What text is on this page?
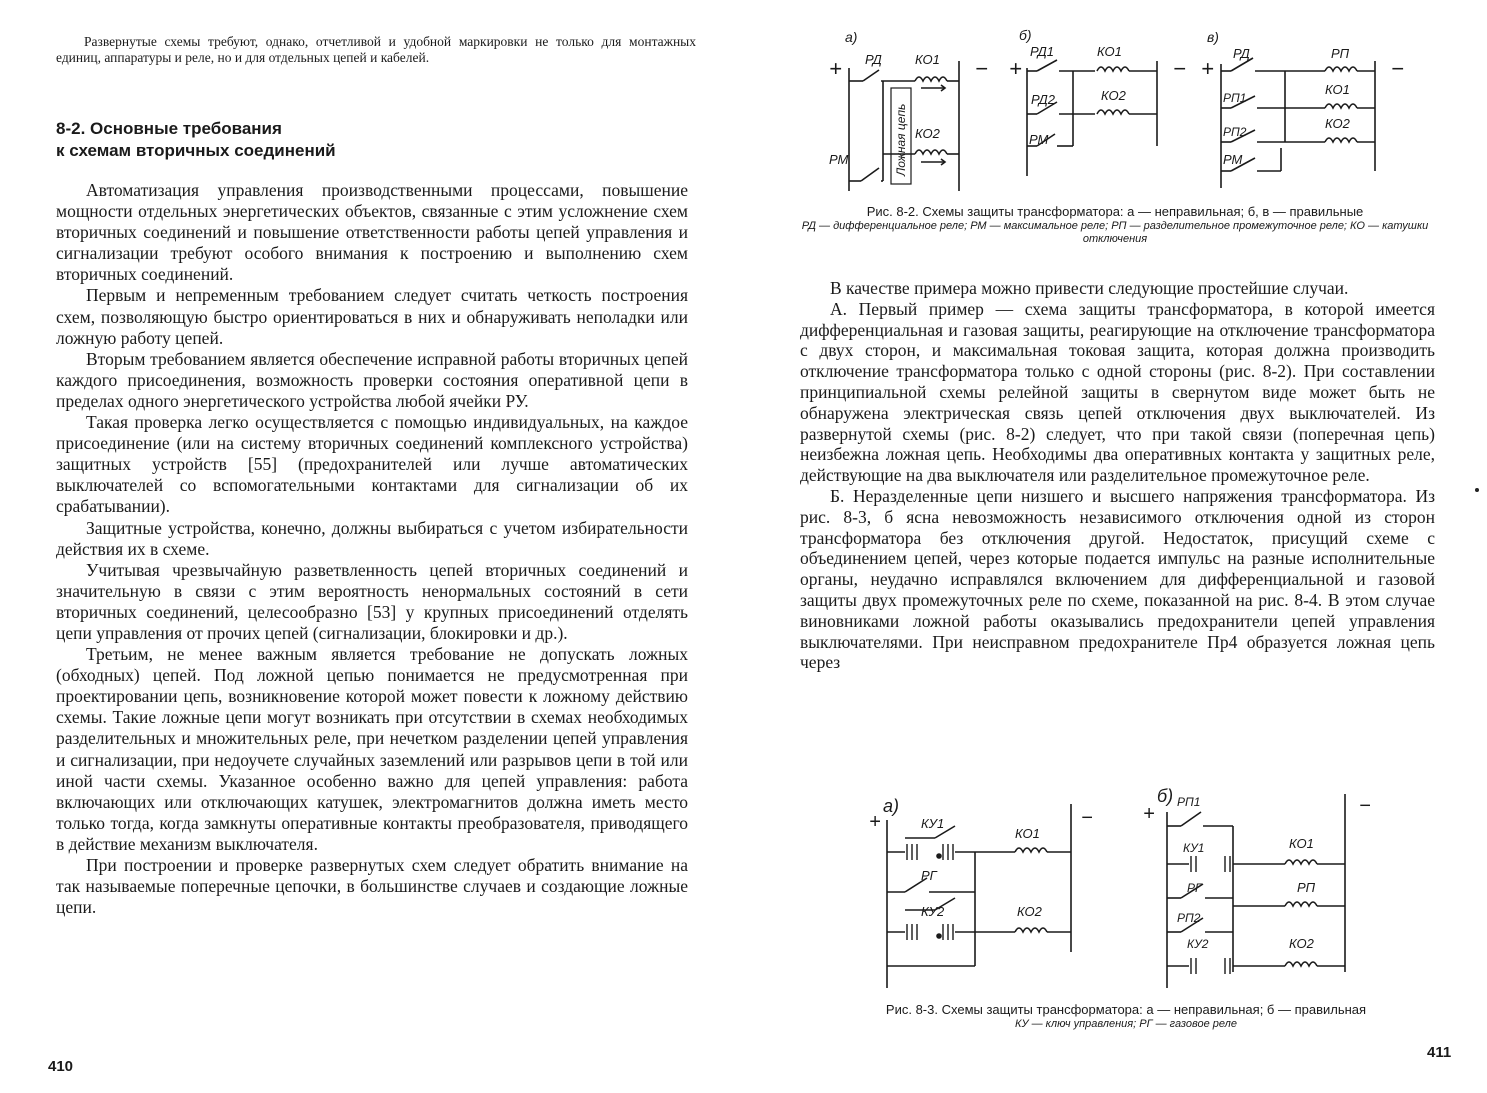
Развернутые схемы требуют, однако, отчетливой и удобной маркировки не только для монтажных единиц, аппаратуры и реле, но и для отдельных цепей и кабелей.

8-2. Основные требования
к схемам вторичных соединений

Автоматизация управления производственными процессами, повышение мощности отдельных энергетических объектов, связанные с этим усложнение схем вторичных соединений и повышение ответственности работы цепей управления и сигнализации требуют особого внимания к построению и выполнению схем вторичных соединений.

Первым и непременным требованием следует считать четкость построения схем, позволяющую быстро ориентироваться в них и обнаруживать неполадки или ложную работу цепей.

Вторым требованием является обеспечение исправной работы вторичных цепей каждого присоединения, возможность проверки состояния оперативной цепи в пределах одного энергетического устройства любой ячейки РУ.

Такая проверка легко осуществляется с помощью индивидуальных, на каждое присоединение (или на систему вторичных соединений комплексного устройства) защитных устройств [55] (предохранителей или лучше автоматических выключателей со вспомогательными контактами для сигнализации об их срабатывании).

Защитные устройства, конечно, должны выбираться с учетом избирательности действия их в схеме.

Учитывая чрезвычайную разветвленность цепей вторичных соединений и значительную в связи с этим вероятность ненормальных состояний в сети вторичных соединений, целесообразно [53] у крупных присоединений отделять цепи управления от прочих цепей (сигнализации, блокировки и др.).

Третьим, не менее важным является требование не допускать ложных (обходных) цепей. Под ложной цепью понимается не предусмотренная при проектировании цепь, возникновение которой может повести к ложному действию схемы. Такие ложные цепи могут возникать при отсутствии в схемах необходимых разделительных и множительных реле, при нечетком разделении цепей управления и сигнализации, при недоучете случайных заземлений или разрывов цепи в той или иной части схемы. Указанное особенно важно для цепей управления: работа включающих или отключающих катушек, электромагнитов должна иметь место только тогда, когда замкнуты оперативные контакты преобразователя, приводящего в действие механизм выключателя.

При построении и проверке развернутых схем следует обратить внимание на так называемые поперечные цепочки, в большинстве случаев и создающие ложные цепи.

410
а)
+	−
РД	КО1
Ложная цепь КО2
РМ
б)
+	−
РД1	КО1
РД2	КО2
РМ
в)
+	−
РД	РП
РП1
КО1
РП2
КО2
РМ
Рис. 8-2. Схемы защиты трансформатора: а — неправильная; б, в — правильные
РД — дифференциальное реле; РМ — максимальное реле; РП — разделительное промежуточное реле; КО — катушки отключения

В качестве примера можно привести следующие простейшие случаи.

А. Первый пример — схема защиты трансформатора, в которой имеется дифференциальная и газовая защиты, реагирующие на отключение трансформатора с двух сторон, и максимальная токовая защита, которая должна производить отключение трансформатора только с одной стороны (рис. 8-2). При составлении принципиальной схемы релейной защиты в свернутом виде может быть не обнаружена электрическая связь цепей отключения двух выключателей. Из развернутой схемы (рис. 8-2) следует, что при такой связи (поперечная цепь) неизбежна ложная цепь. Необходимы два оперативных контакта у защитных реле, действующие на два выключателя или разделительное промежуточное реле.

Б. Неразделенные цепи низшего и высшего напряжения трансформатора. Из рис. 8-3, б ясна невозможность независимого отключения одной из сторон трансформатора без отключения другой. Недостаток, присущий схеме с объединением цепей, через которые подается импульс на разные исполнительные органы, неудачно исправлялся включением для дифференциальной и газовой защиты двух промежуточных реле по схеме, показанной на рис. 8-4. В этом случае виновниками ложной работы оказывались предохранители цепей управления выключателями. При неисправном предохранителе Пр4 образуется ложная цепь через

а)
+	−
КУ1
КО1
РГ
КУ2	КО2
б)
+	−
РП1
КУ1	КО1
РГ	РП
РП2
КУ2	КО2
Рис. 8-3. Схемы защиты трансформатора: а — неправильная; б — правильная
КУ — ключ управления; РГ — газовое реле
411
